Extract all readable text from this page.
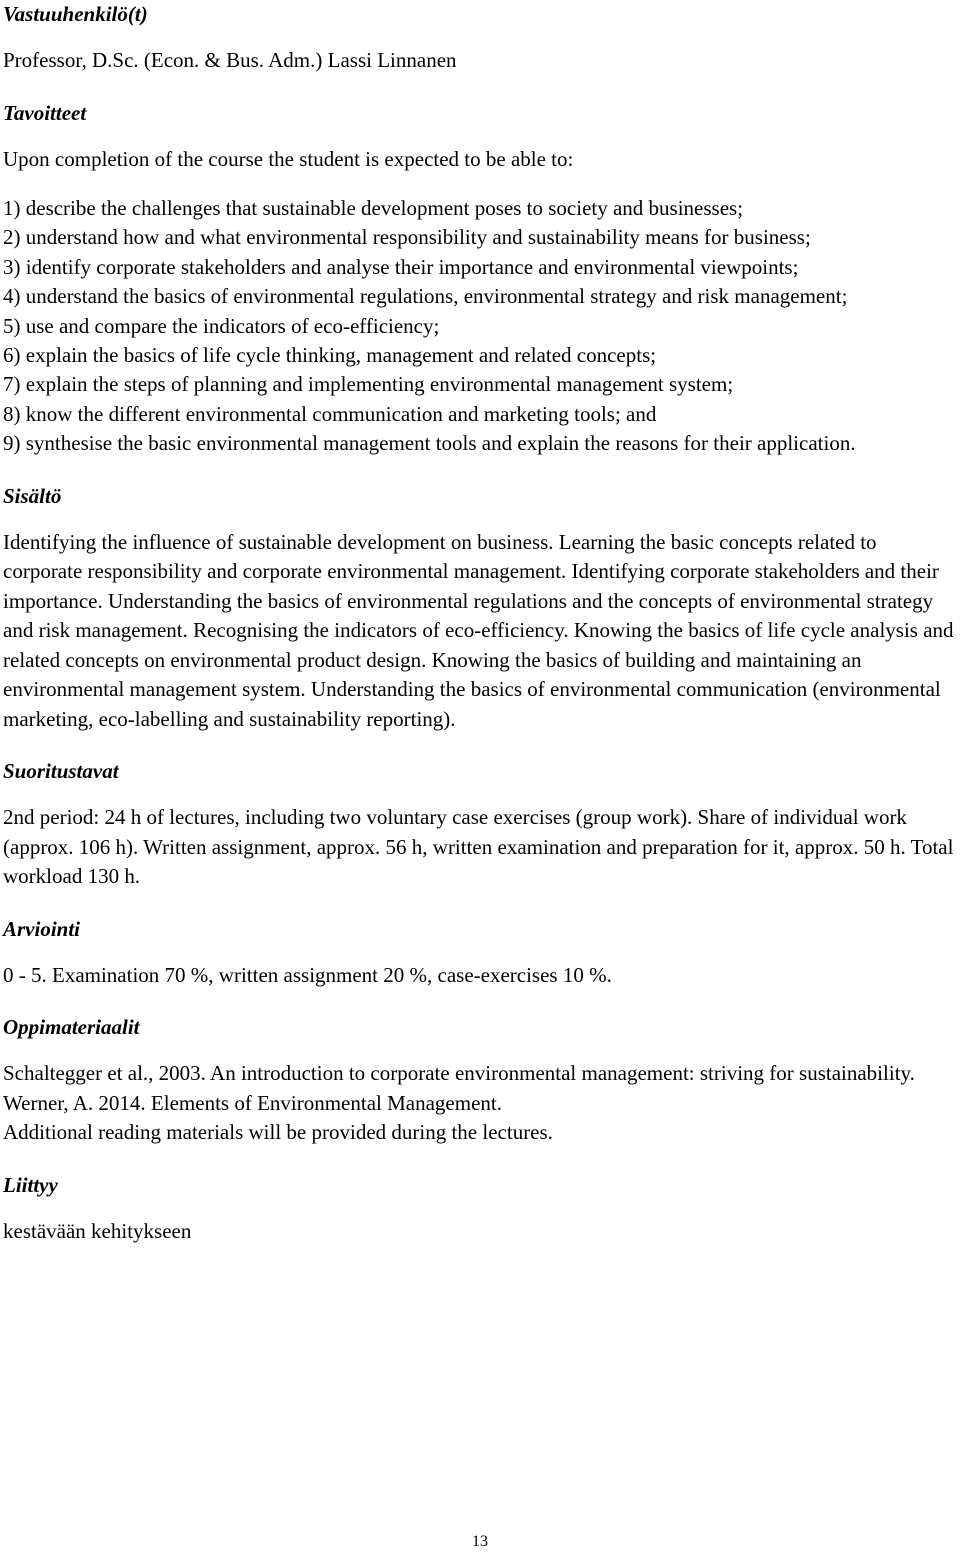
Vastuuhenkilö(t)

Professor, D.Sc. (Econ. & Bus. Adm.) Lassi Linnanen

Tavoitteet

Upon completion of the course the student is expected to be able to:

1) describe the challenges that sustainable development poses to society and businesses;
2) understand how and what environmental responsibility and sustainability means for business;
3) identify corporate stakeholders and analyse their importance and environmental viewpoints;
4) understand the basics of environmental regulations, environmental strategy and risk management;
5) use and compare the indicators of eco-efficiency;
6) explain the basics of life cycle thinking, management and related concepts;
7) explain the steps of planning and implementing environmental management system;
8) know the different environmental communication and marketing tools; and
9) synthesise the basic environmental management tools and explain the reasons for their application.
Sisältö

Identifying the influence of sustainable development on business. Learning the basic concepts related to corporate responsibility and corporate environmental management. Identifying corporate stakeholders and their importance. Understanding the basics of environmental regulations and the concepts of environmental strategy and risk management. Recognising the indicators of eco-efficiency. Knowing the basics of life cycle analysis and related concepts on environmental product design. Knowing the basics of building and maintaining an environmental management system. Understanding the basics of environmental communication (environmental marketing, eco-labelling and sustainability reporting).

Suoritustavat

2nd period: 24 h of lectures, including two voluntary case exercises (group work). Share of individual work (approx. 106 h). Written assignment, approx. 56 h, written examination and preparation for it, approx. 50 h. Total workload 130 h.

Arviointi

0 - 5. Examination 70 %, written assignment 20 %, case-exercises 10 %.

Oppimateriaalit
Schaltegger et al., 2003. An introduction to corporate environmental management: striving for sustainability.
Werner, A. 2014. Elements of Environmental Management.
Additional reading materials will be provided during the lectures.
Liittyy

kestävään kehitykseen

13
